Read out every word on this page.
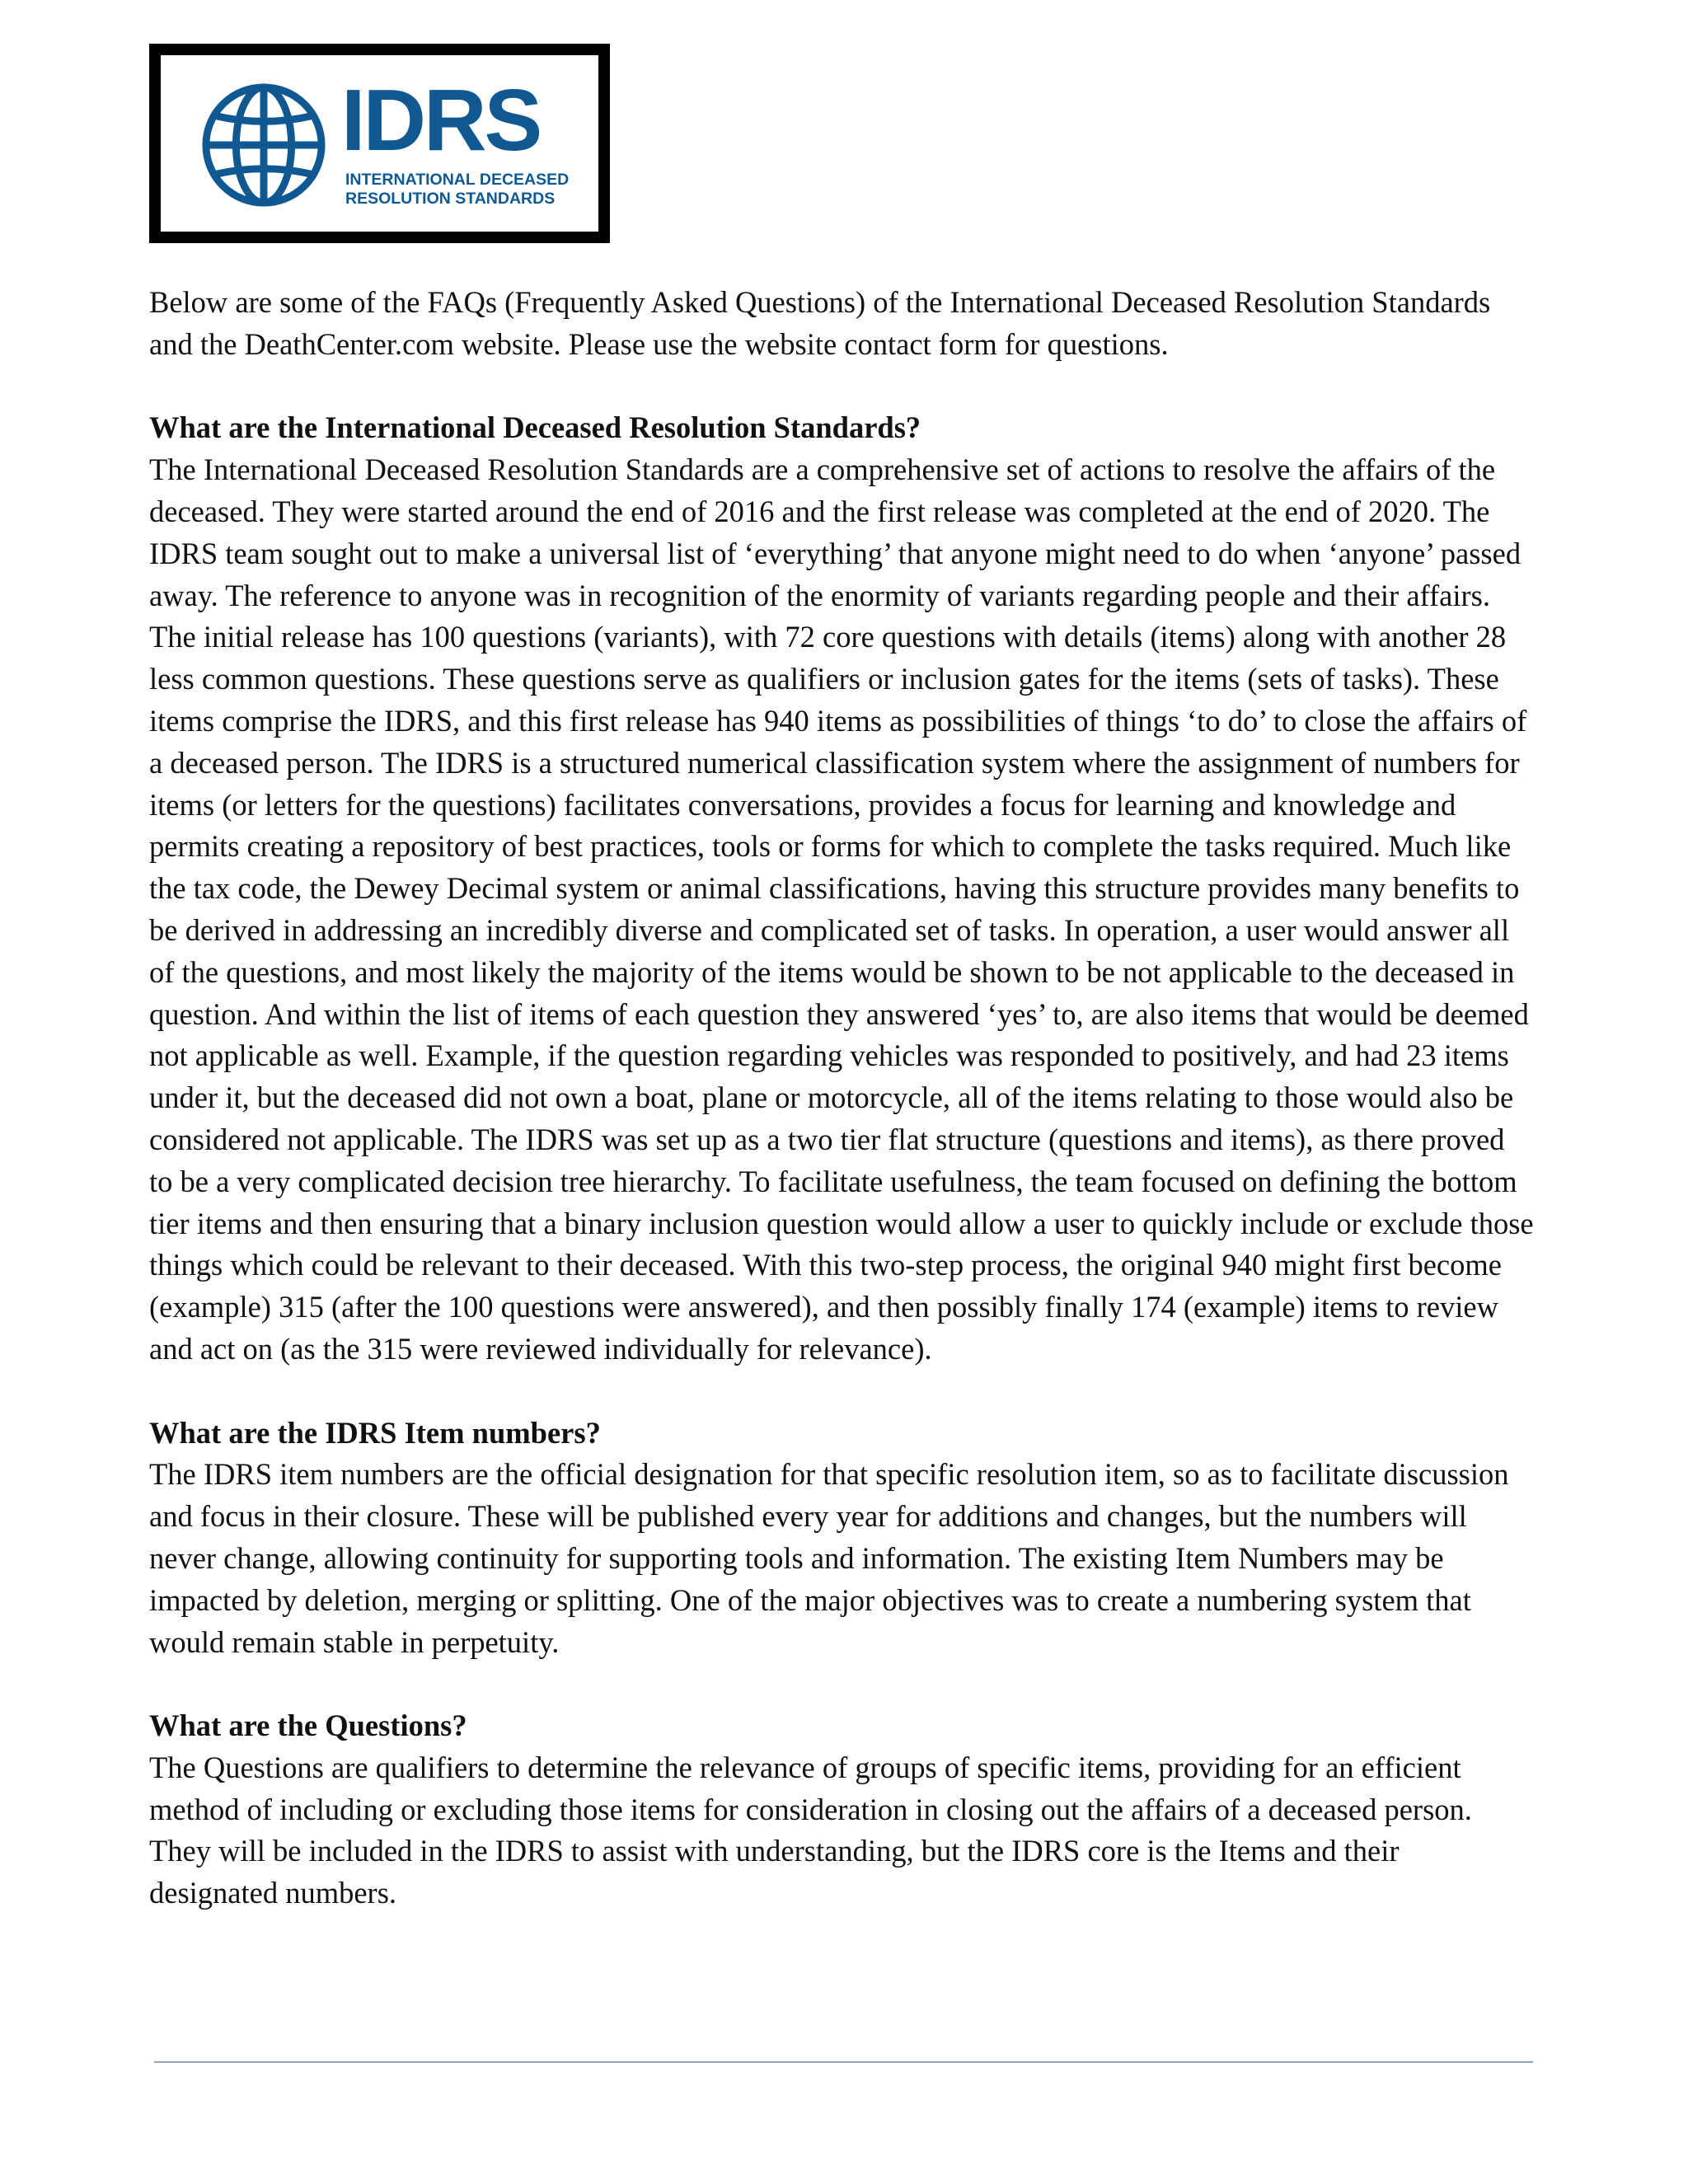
IDRS
INTERNATIONAL DECEASED
RESOLUTION STANDARDS

Below are some of the FAQs (Frequently Asked Questions) of the International Deceased Resolution Standards and the DeathCenter.com website. Please use the website contact form for questions.

What are the International Deceased Resolution Standards?

The International Deceased Resolution Standards are a comprehensive set of actions to resolve the affairs of the deceased. They were started around the end of 2016 and the first release was completed at the end of 2020. The IDRS team sought out to make a universal list of ‘everything’ that anyone might need to do when ‘anyone’ passed away. The reference to anyone was in recognition of the enormity of variants regarding people and their affairs. The initial release has 100 questions (variants), with 72 core questions with details (items) along with another 28 less common questions. These questions serve as qualifiers or inclusion gates for the items (sets of tasks). These items comprise the IDRS, and this first release has 940 items as possibilities of things ‘to do’ to close the affairs of a deceased person. The IDRS is a structured numerical classification system where the assignment of numbers for items (or letters for the questions) facilitates conversations, provides a focus for learning and knowledge and permits creating a repository of best practices, tools or forms for which to complete the tasks required. Much like the tax code, the Dewey Decimal system or animal classifications, having this structure provides many benefits to be derived in addressing an incredibly diverse and complicated set of tasks. In operation, a user would answer all of the questions, and most likely the majority of the items would be shown to be not applicable to the deceased in question. And within the list of items of each question they answered ‘yes’ to, are also items that would be deemed not applicable as well. Example, if the question regarding vehicles was responded to positively, and had 23 items under it, but the deceased did not own a boat, plane or motorcycle, all of the items relating to those would also be considered not applicable. The IDRS was set up as a two tier flat structure (questions and items), as there proved to be a very complicated decision tree hierarchy. To facilitate usefulness, the team focused on defining the bottom tier items and then ensuring that a binary inclusion question would allow a user to quickly include or exclude those things which could be relevant to their deceased. With this two-step process, the original 940 might first become (example) 315 (after the 100 questions were answered), and then possibly finally 174 (example) items to review and act on (as the 315 were reviewed individually for relevance).

What are the IDRS Item numbers?

The IDRS item numbers are the official designation for that specific resolution item, so as to facilitate discussion and focus in their closure. These will be published every year for additions and changes, but the numbers will never change, allowing continuity for supporting tools and information. The existing Item Numbers may be impacted by deletion, merging or splitting. One of the major objectives was to create a numbering system that would remain stable in perpetuity.

What are the Questions?

The Questions are qualifiers to determine the relevance of groups of specific items, providing for an efficient method of including or excluding those items for consideration in closing out the affairs of a deceased person. They will be included in the IDRS to assist with understanding, but the IDRS core is the Items and their designated numbers.
